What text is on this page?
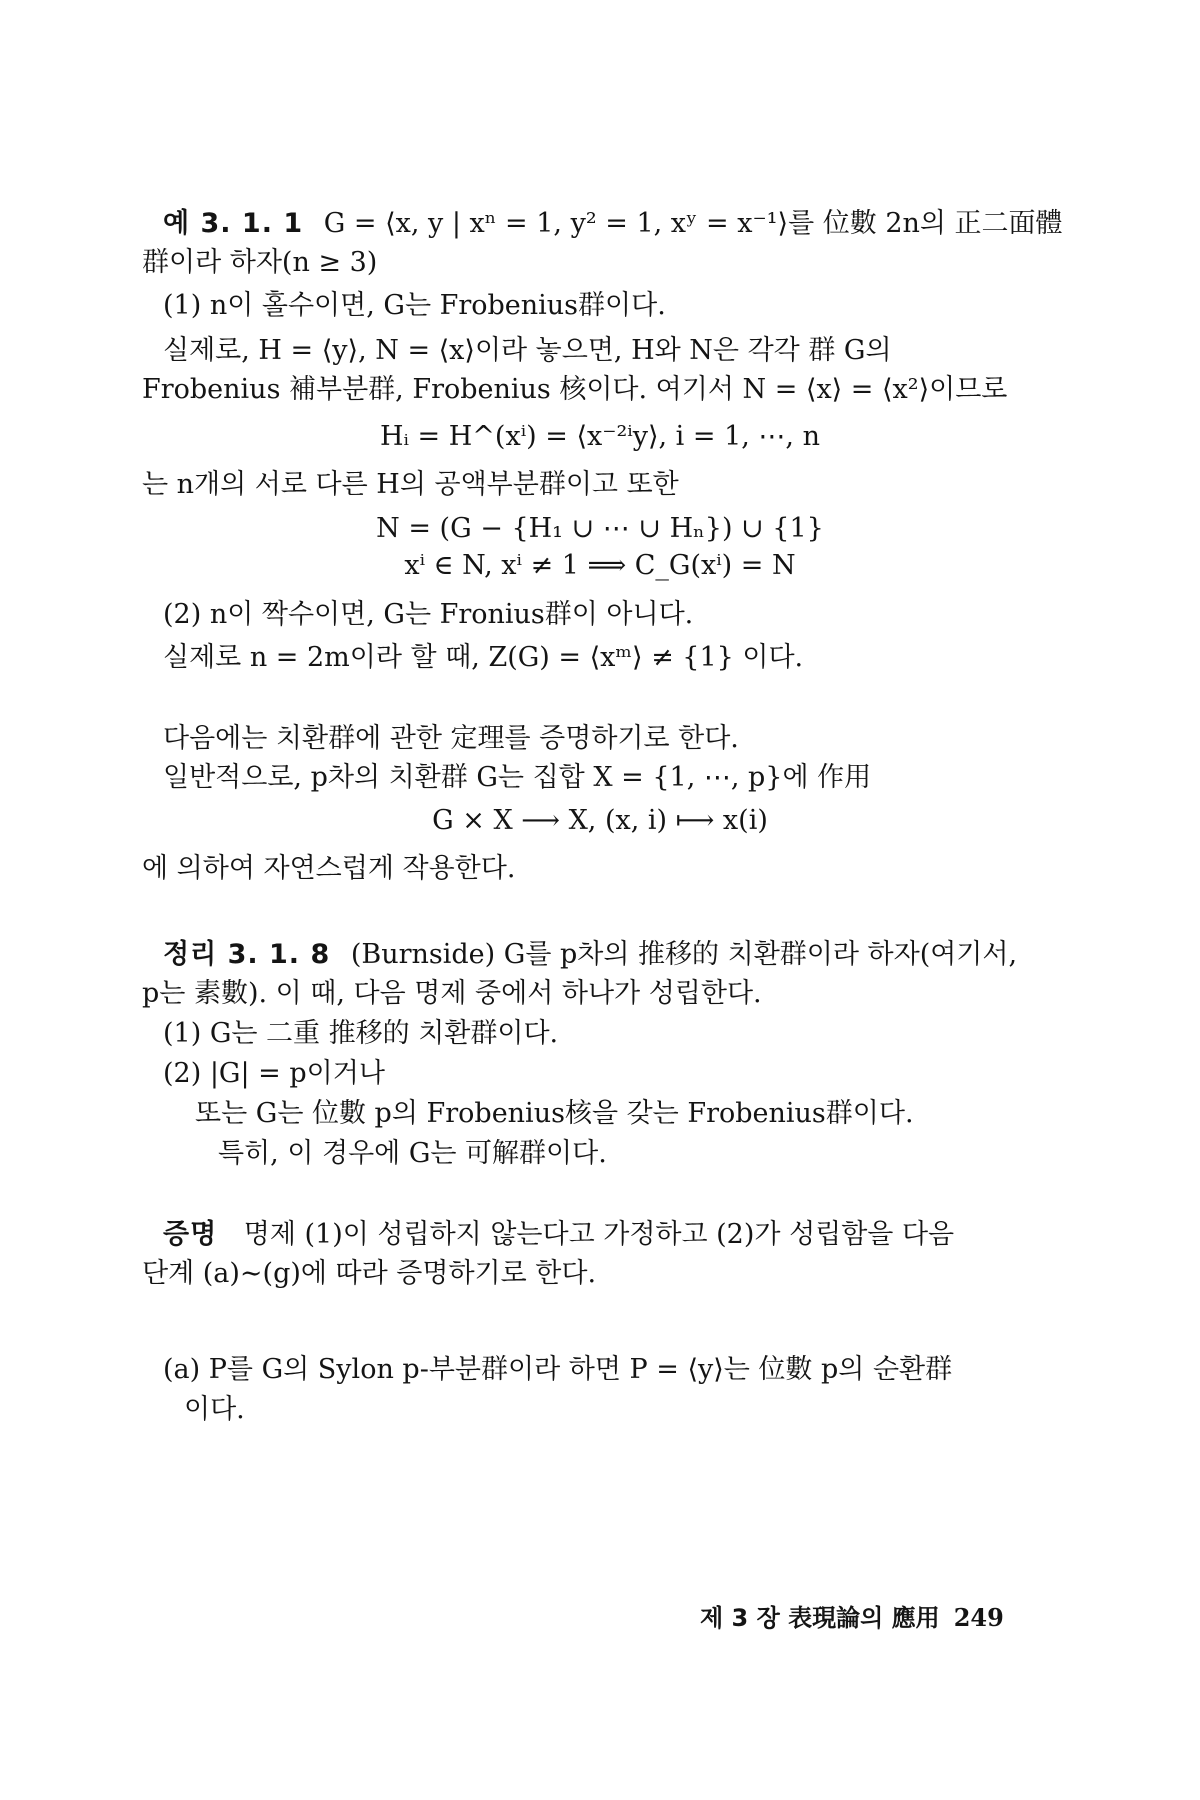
예 3. 1. 1 G = ⟨x, y | xⁿ = 1, y² = 1, xʸ = x⁻¹⟩를 位數 2n의 正二面體
群이라 하자(n ≥ 3)
(1) n이 홀수이면, G는 Frobenius群이다.
실제로, H = ⟨y⟩, N = ⟨x⟩이라 놓으면, H와 N은 각각 群 G의
Frobenius 補부분群, Frobenius 核이다. 여기서 N = ⟨x⟩ = ⟨x²⟩이므로
Hᵢ = H^(xⁱ) = ⟨x⁻²ⁱy⟩, i = 1, ⋯, n
는 n개의 서로 다른 H의 공액부분群이고 또한
N = (G − {H₁ ∪ ⋯ ∪ Hₙ}) ∪ {1}
xⁱ ∈ N, xⁱ ≠ 1 ⟹ C_G(xⁱ) = N
(2) n이 짝수이면, G는 Fronius群이 아니다.
실제로 n = 2m이라 할 때, Z(G) = ⟨xᵐ⟩ ≠ {1} 이다.
다음에는 치환群에 관한 定理를 증명하기로 한다.
일반적으로, p차의 치환群 G는 집합 X = {1, ⋯, p}에 作用
G × X ⟶ X, (x, i) ⟼ x(i)
에 의하여 자연스럽게 작용한다.
정리 3. 1. 8 (Burnside) G를 p차의 推移的 치환群이라 하자(여기서,
p는 素數). 이 때, 다음 명제 중에서 하나가 성립한다.
(1) G는 二重 推移的 치환群이다.
(2) |G| = p이거나
또는 G는 位數 p의 Frobenius核을 갖는 Frobenius群이다.
특히, 이 경우에 G는 可解群이다.
증명 명제 (1)이 성립하지 않는다고 가정하고 (2)가 성립함을 다음
단계 (a)∼(g)에 따라 증명하기로 한다.
(a) P를 G의 Sylon p-부분群이라 하면 P = ⟨y⟩는 位數 p의 순환群
이다.
제 3 장 表現論의 應用 249
